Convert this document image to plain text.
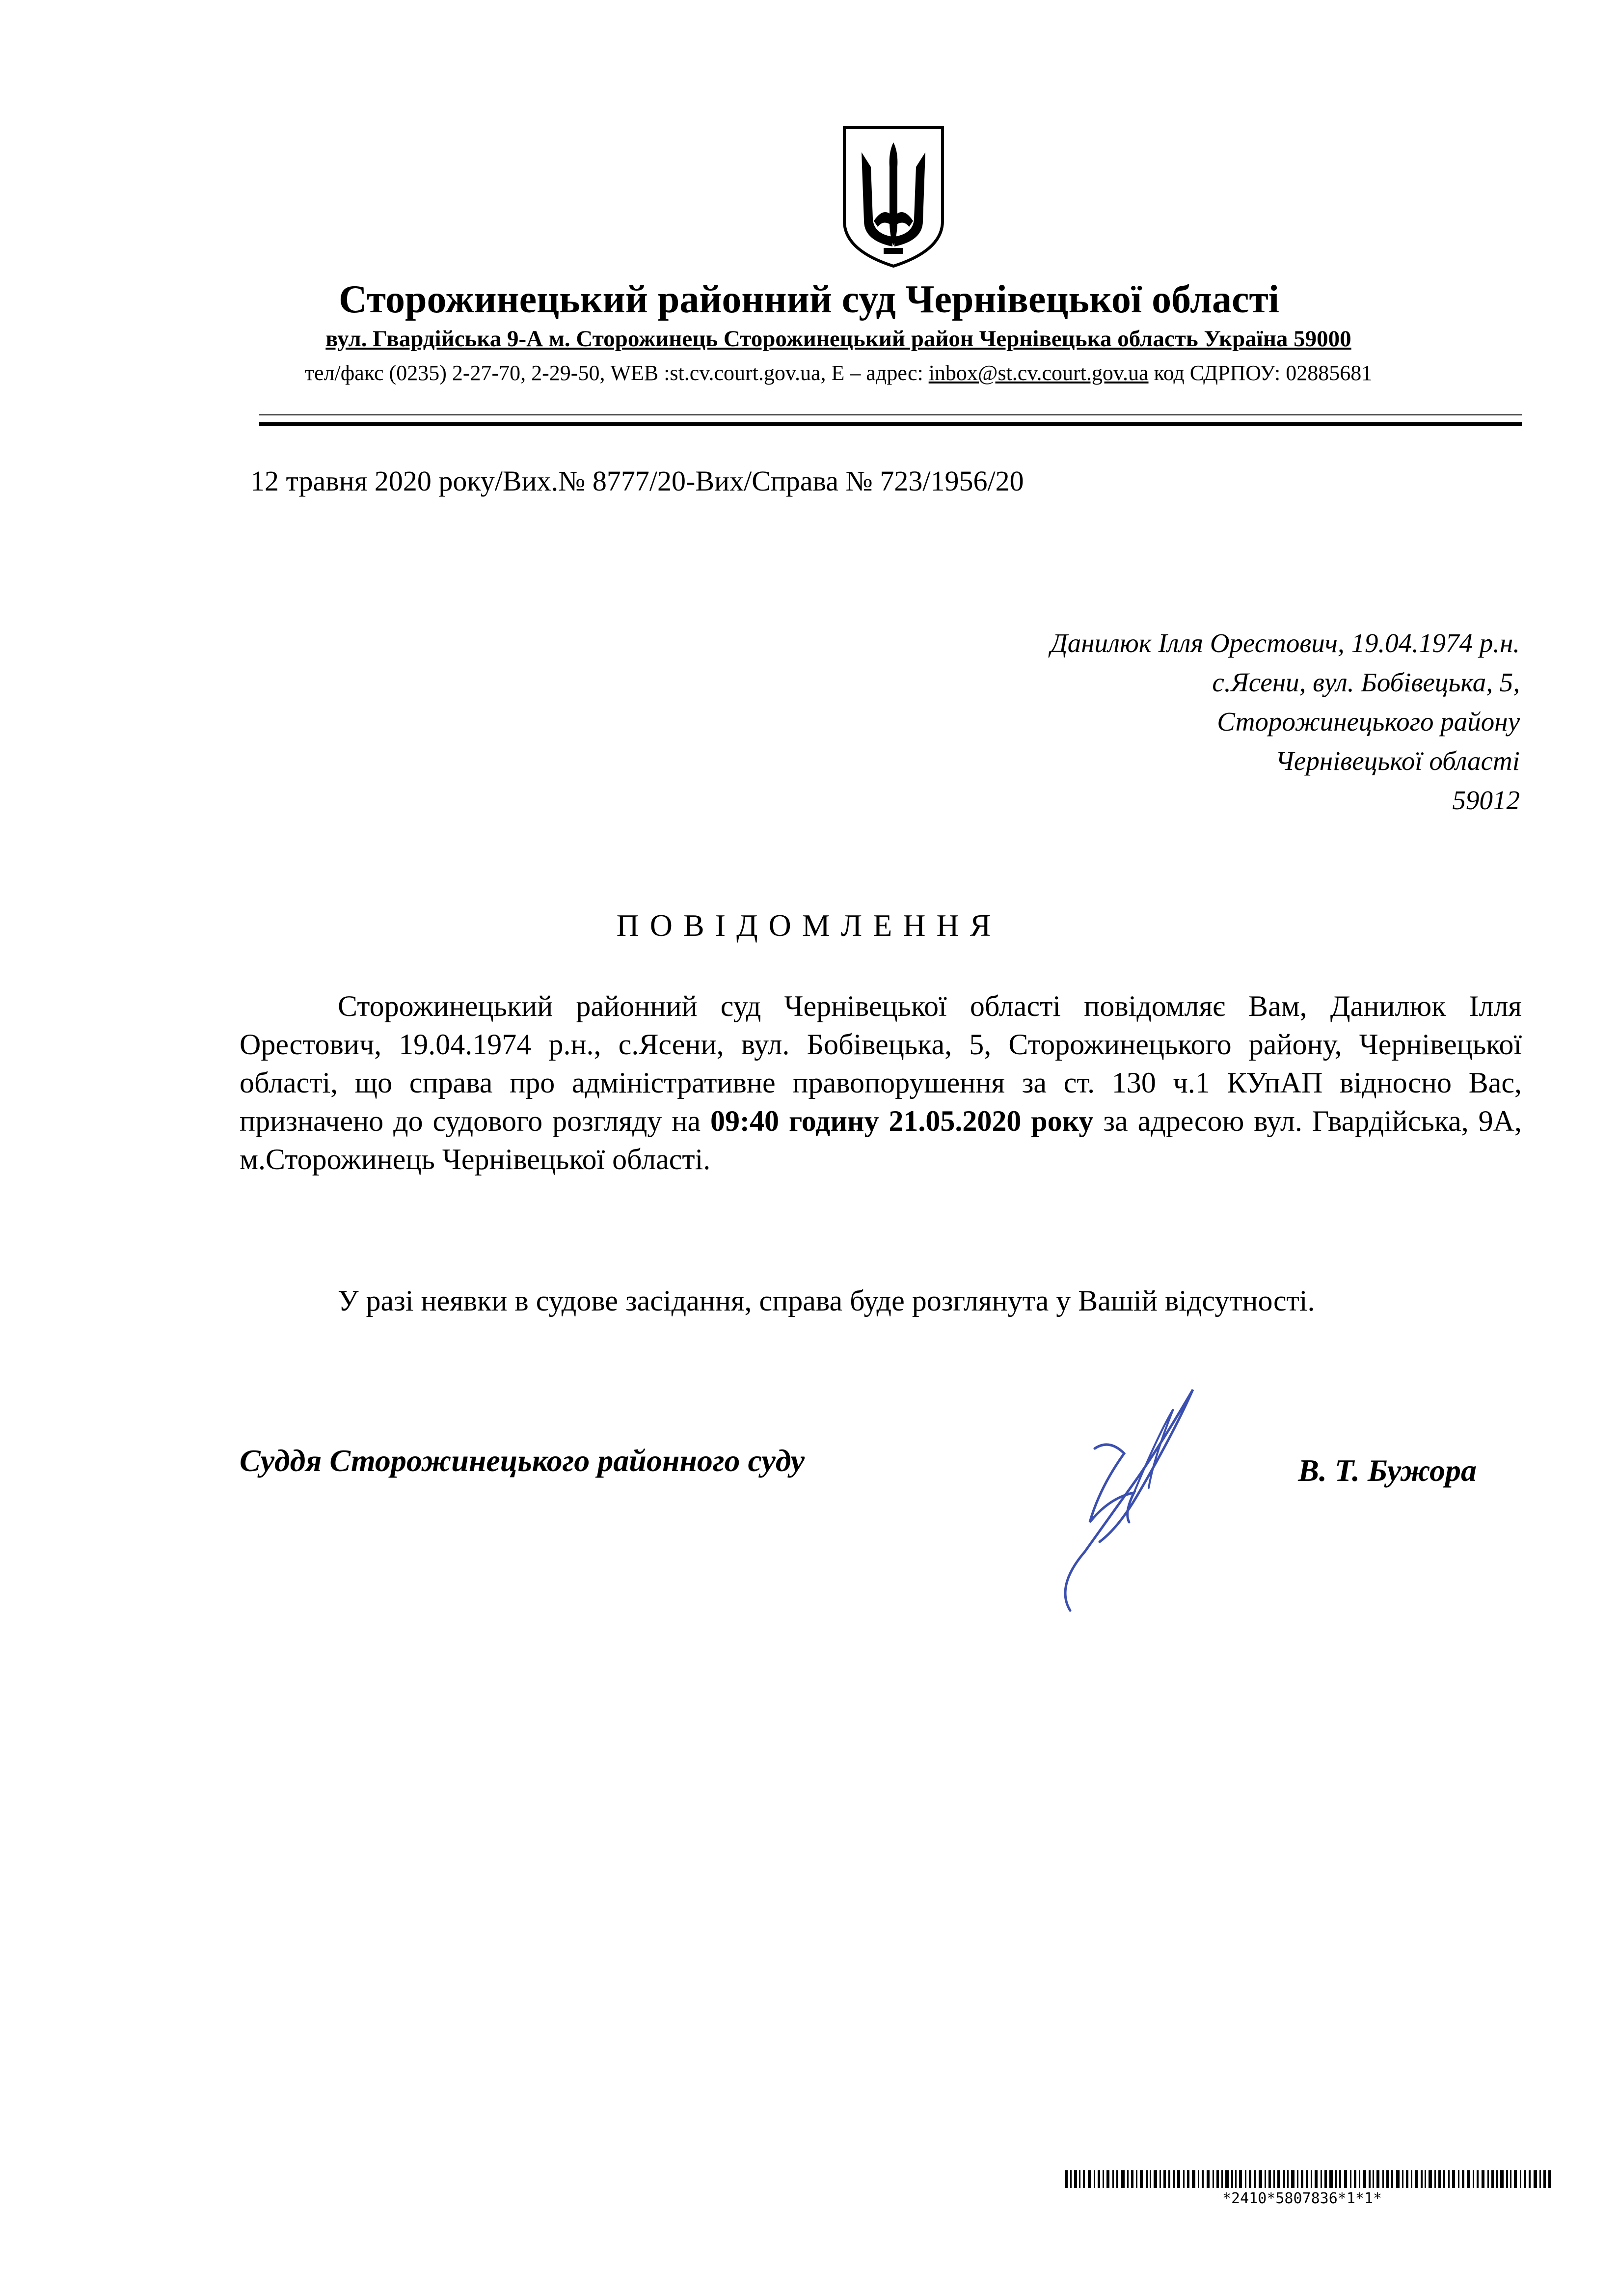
Сторожинецький районний суд Чернівецької області
вул. Гвардійська 9-А м. Сторожинець Сторожинецький район Чернівецька область Україна 59000
тел/факс (0235) 2-27-70, 2-29-50, WEB :st.cv.court.gov.ua, E – адрес: inbox@st.cv.court.gov.ua код СДРПОУ: 02885681
12 травня 2020 року/Вих.№ 8777/20-Вих/Справа № 723/1956/20
Данилюк Ілля Орестович, 19.04.1974 р.н.
с.Ясени, вул. Бобівецька, 5,
Сторожинецького району
Чернівецької області
59012
ПОВІДОМЛЕННЯ
Сторожинецький районний суд Чернівецької області повідомляє Вам, Данилюк Ілля Орестович, 19.04.1974 р.н., с.Ясени, вул. Бобівецька, 5, Сторожинецького району, Чернівецької області, що справа про адміністративне правопорушення за ст. 130 ч.1 КУпАП відносно Вас, призначено до судового розгляду на 09:40 годину 21.05.2020 року за адресою вул. Гвардійська, 9А, м.Сторожинець Чернівецької області.
У разі неявки в судове засідання, справа буде розглянута у Вашій відсутності.
Суддя Сторожинецького районного суду	В. Т. Бужора
*2410*5807836*1*1*
